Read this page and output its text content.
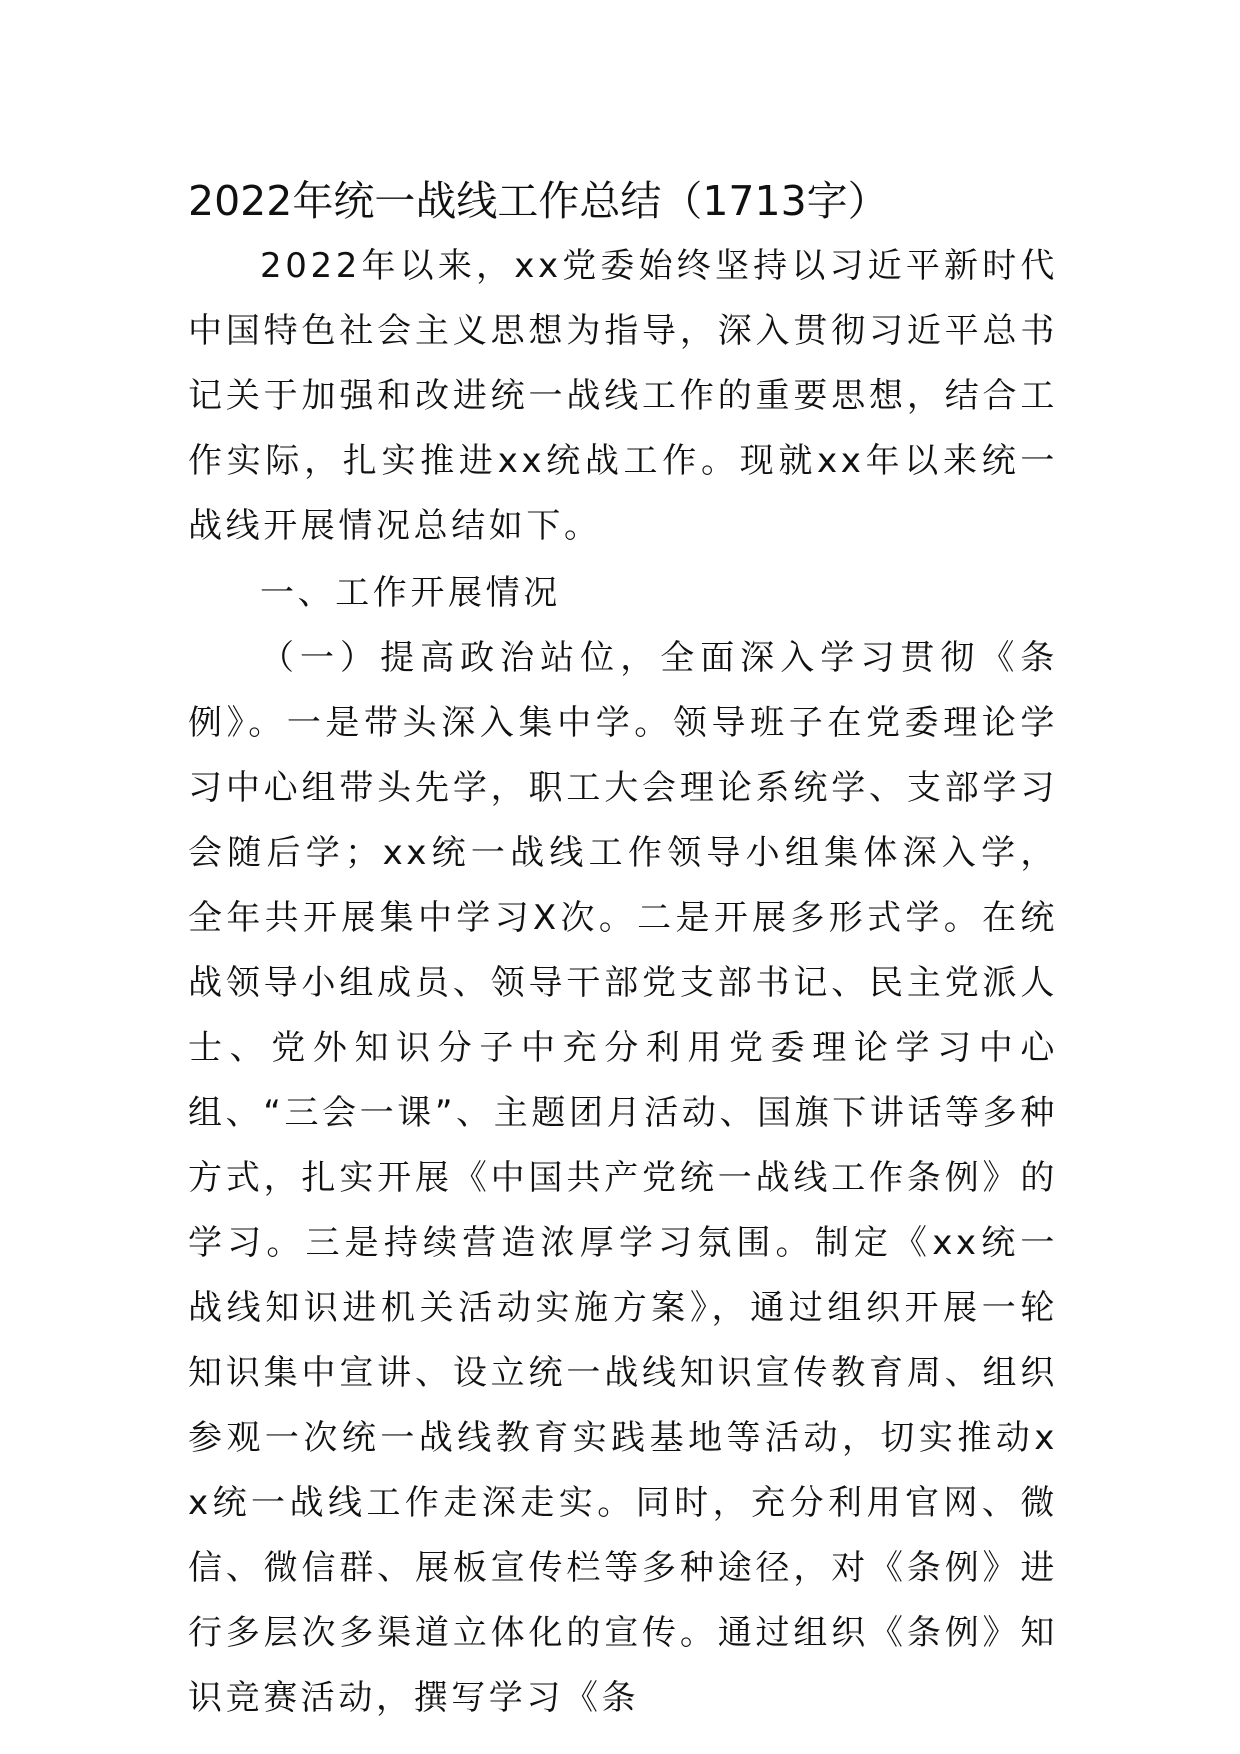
2022年统一战线工作总结（1713字）

2022年以来，xx党委始终坚持以习近平新时代中国特色社会主义思想为指导，深入贯彻习近平总书记关于加强和改进统一战线工作的重要思想，结合工作实际，扎实推进xx统战工作。现就xx年以来统一战线开展情况总结如下。

一、工作开展情况

（一）提高政治站位，全面深入学习贯彻《条例》。一是带头深入集中学。领导班子在党委理论学习中心组带头先学，职工大会理论系统学、支部学习会随后学；xx统一战线工作领导小组集体深入学，全年共开展集中学习X次。二是开展多形式学。在统战领导小组成员、领导干部党支部书记、民主党派人士、党外知识分子中充分利用党委理论学习中心组、“三会一课”、主题团月活动、国旗下讲话等多种方式，扎实开展《中国共产党统一战线工作条例》的学习。三是持续营造浓厚学习氛围。制定《xx统一战线知识进机关活动实施方案》，通过组织开展一轮知识集中宣讲、设立统一战线知识宣传教育周、组织参观一次统一战线教育实践基地等活动，切实推动xx统一战线工作走深走实。同时，充分利用官网、微信、微信群、展板宣传栏等多种途径，对《条例》进行多层次多渠道立体化的宣传。通过组织《条例》知识竞赛活动，撰写学习《条
